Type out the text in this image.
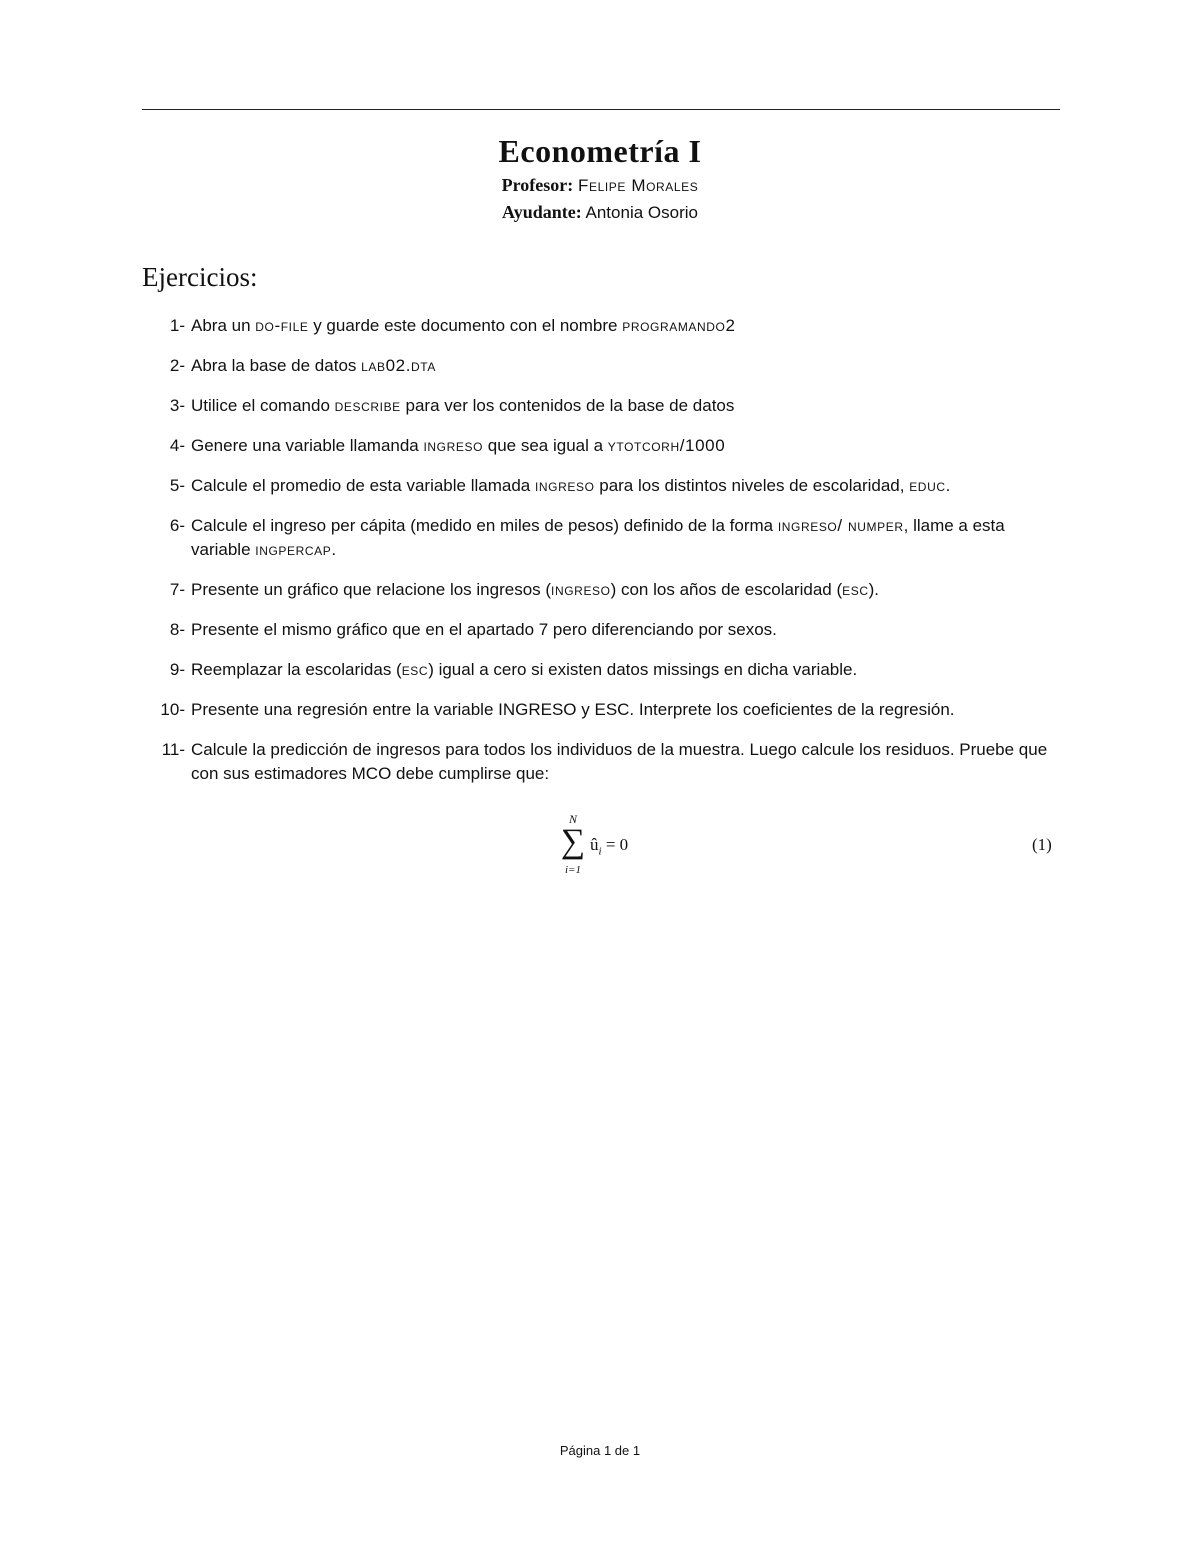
Econometría I
Profesor: Felipe Morales
Ayudante: Antonia Osorio
Ejercicios:
1- Abra un do-file y guarde este documento con el nombre programando2
2- Abra la base de datos lab02.dta
3- Utilice el comando describe para ver los contenidos de la base de datos
4- Genere una variable llamanda ingreso que sea igual a ytotcorh/1000
5- Calcule el promedio de esta variable llamada ingreso para los distintos niveles de escolaridad, educ.
6- Calcule el ingreso per cápita (medido en miles de pesos) definido de la forma ingreso/ numper, llame a esta variable ingpercap.
7- Presente un gráfico que relacione los ingresos (ingreso) con los años de escolaridad (esc).
8- Presente el mismo gráfico que en el apartado 7 pero diferenciando por sexos.
9- Reemplazar la escolaridas (esc) igual a cero si existen datos missings en dicha variable.
10- Presente una regresión entre la variable INGRESO y ESC. Interprete los coeficientes de la regresión.
11- Calcule la predicción de ingresos para todos los individuos de la muestra. Luego calcule los residuos. Pruebe que con sus estimadores MCO debe cumplirse que:
N
∑
i=1
$û_i = 0$	(1)
Página 1 de 1
